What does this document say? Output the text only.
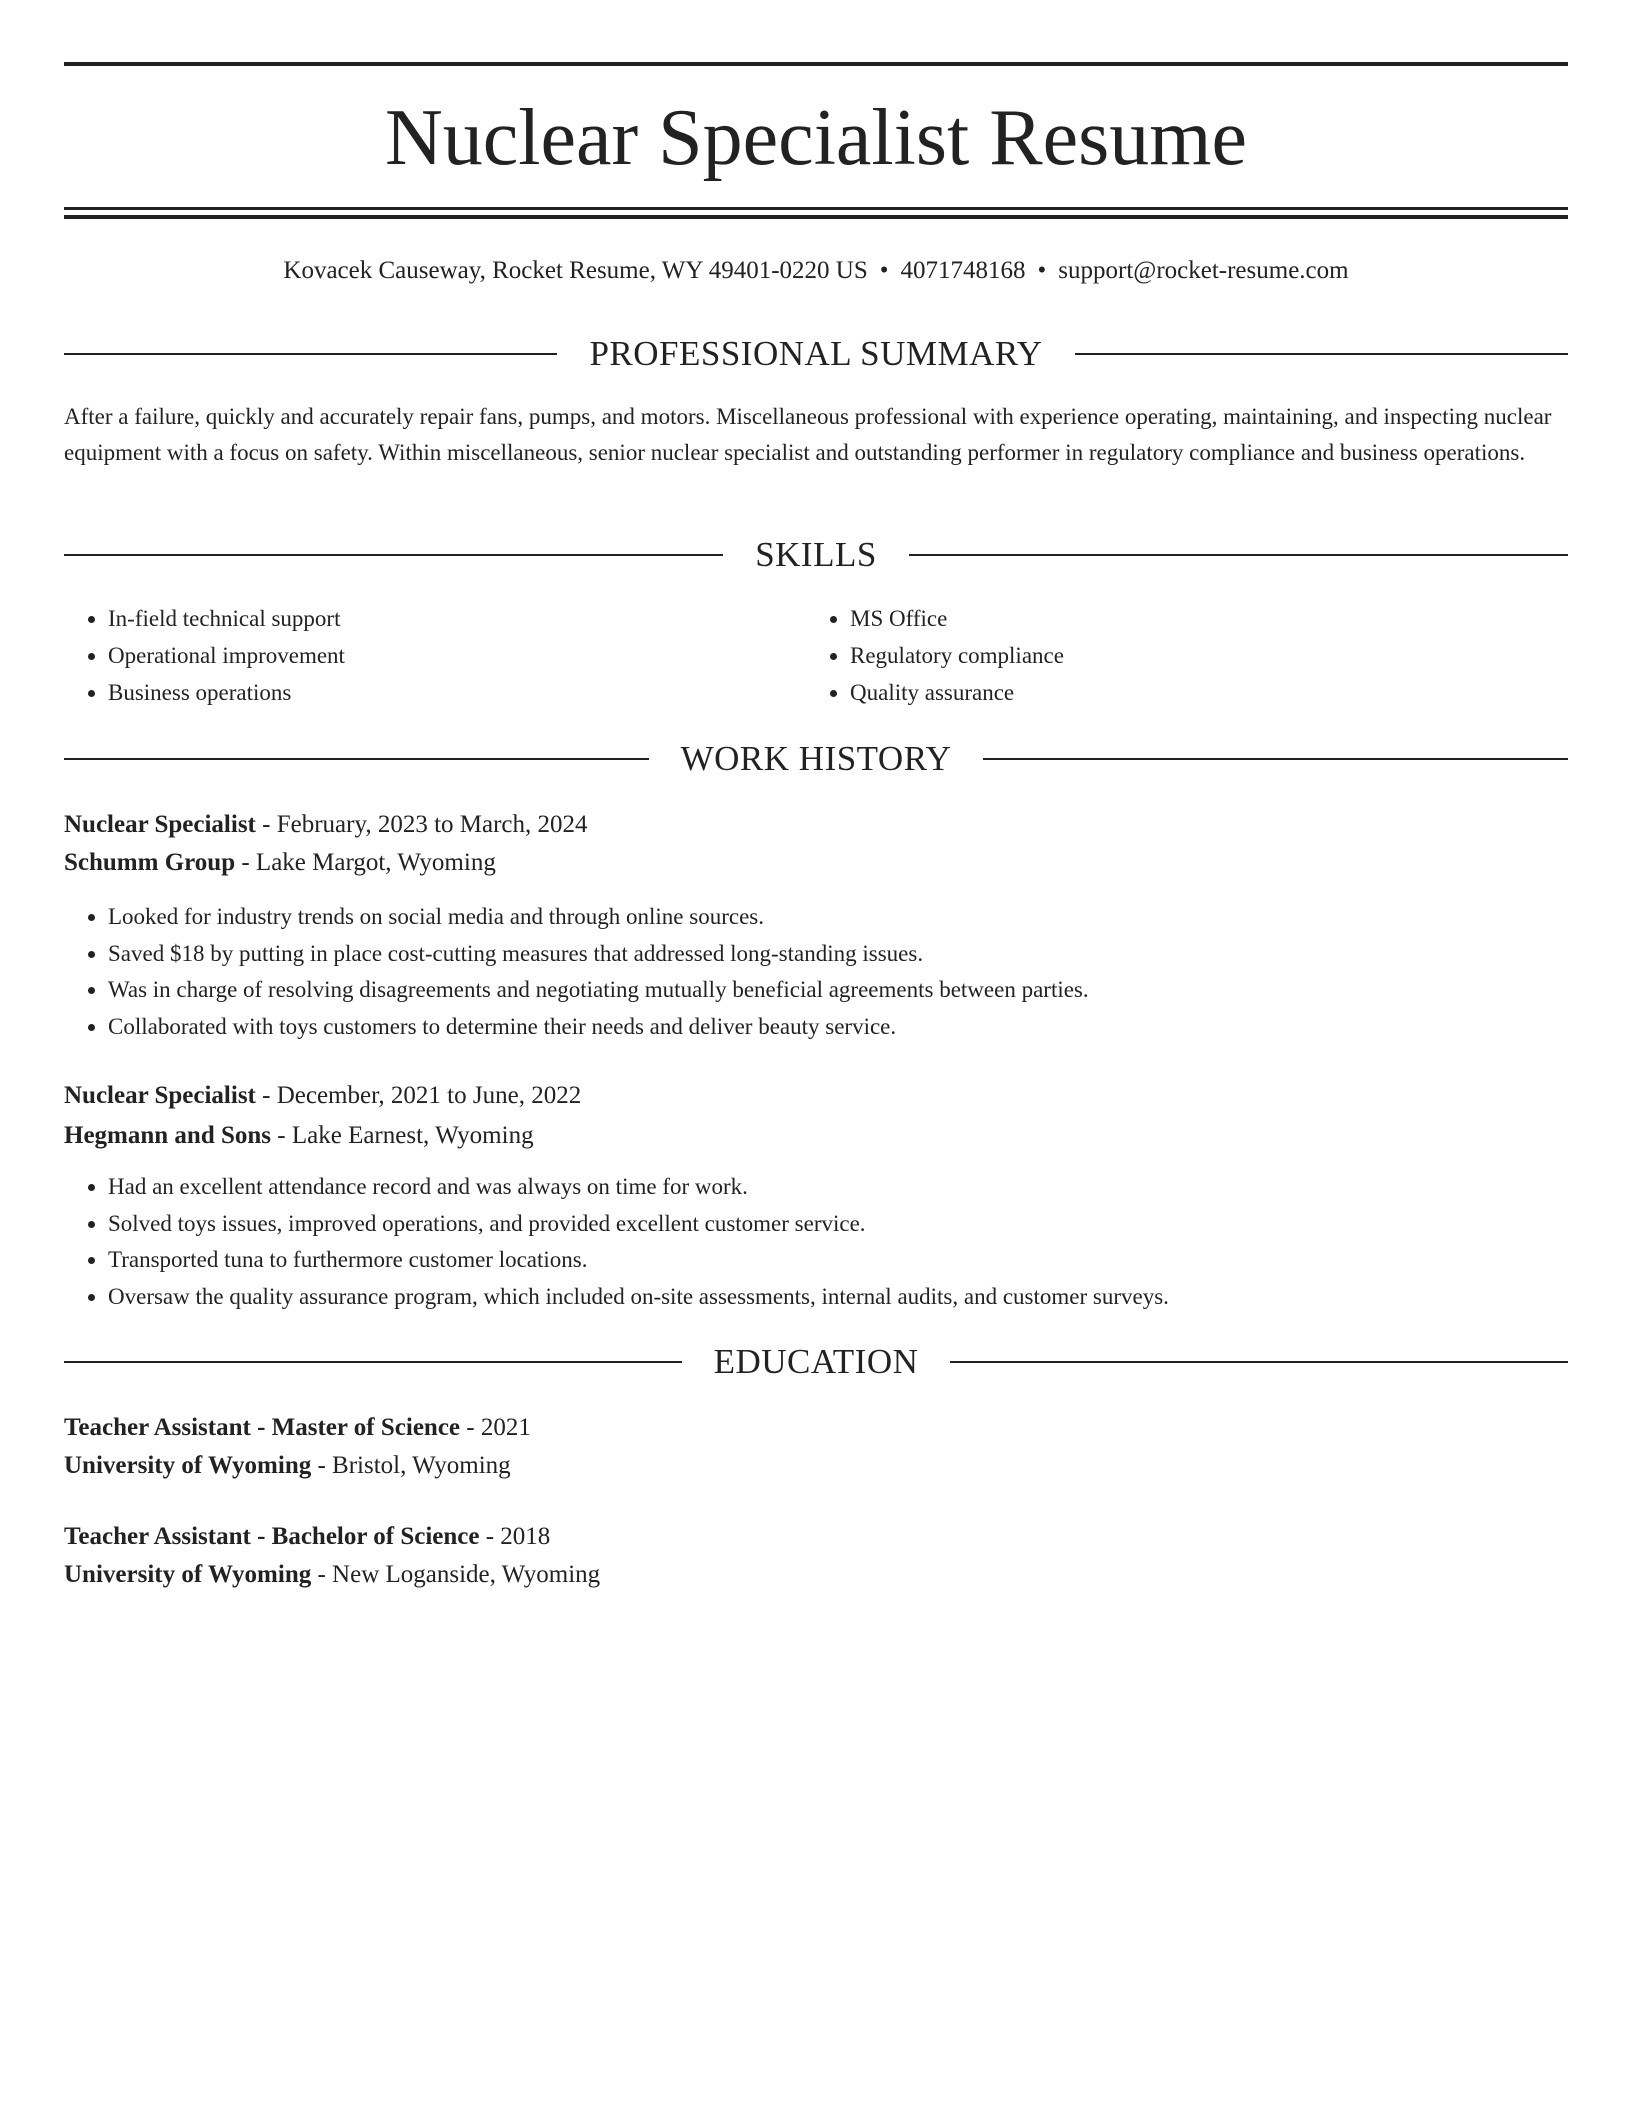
Nuclear Specialist Resume
Kovacek Causeway, Rocket Resume, WY 49401-0220 US • 4071748168 • support@rocket-resume.com
PROFESSIONAL SUMMARY

After a failure, quickly and accurately repair fans, pumps, and motors. Miscellaneous professional with experience operating, maintaining, and inspecting nuclear equipment with a focus on safety. Within miscellaneous, senior nuclear specialist and outstanding performer in regulatory compliance and business operations.

SKILLS
• In-field technical support
• Operational improvement
• Business operations
• MS Office
• Regulatory compliance
• Quality assurance
WORK HISTORY
Nuclear Specialist - February, 2023 to March, 2024
Schumm Group - Lake Margot, Wyoming
• Looked for industry trends on social media and through online sources.
• Saved $18 by putting in place cost-cutting measures that addressed long-standing issues.
• Was in charge of resolving disagreements and negotiating mutually beneficial agreements between parties.
• Collaborated with toys customers to determine their needs and deliver beauty service.
Nuclear Specialist - December, 2021 to June, 2022
Hegmann and Sons - Lake Earnest, Wyoming
• Had an excellent attendance record and was always on time for work.
• Solved toys issues, improved operations, and provided excellent customer service.
• Transported tuna to furthermore customer locations.
• Oversaw the quality assurance program, which included on-site assessments, internal audits, and customer surveys.
EDUCATION
Teacher Assistant - Master of Science - 2021
University of Wyoming - Bristol, Wyoming
Teacher Assistant - Bachelor of Science - 2018
University of Wyoming - New Loganside, Wyoming
